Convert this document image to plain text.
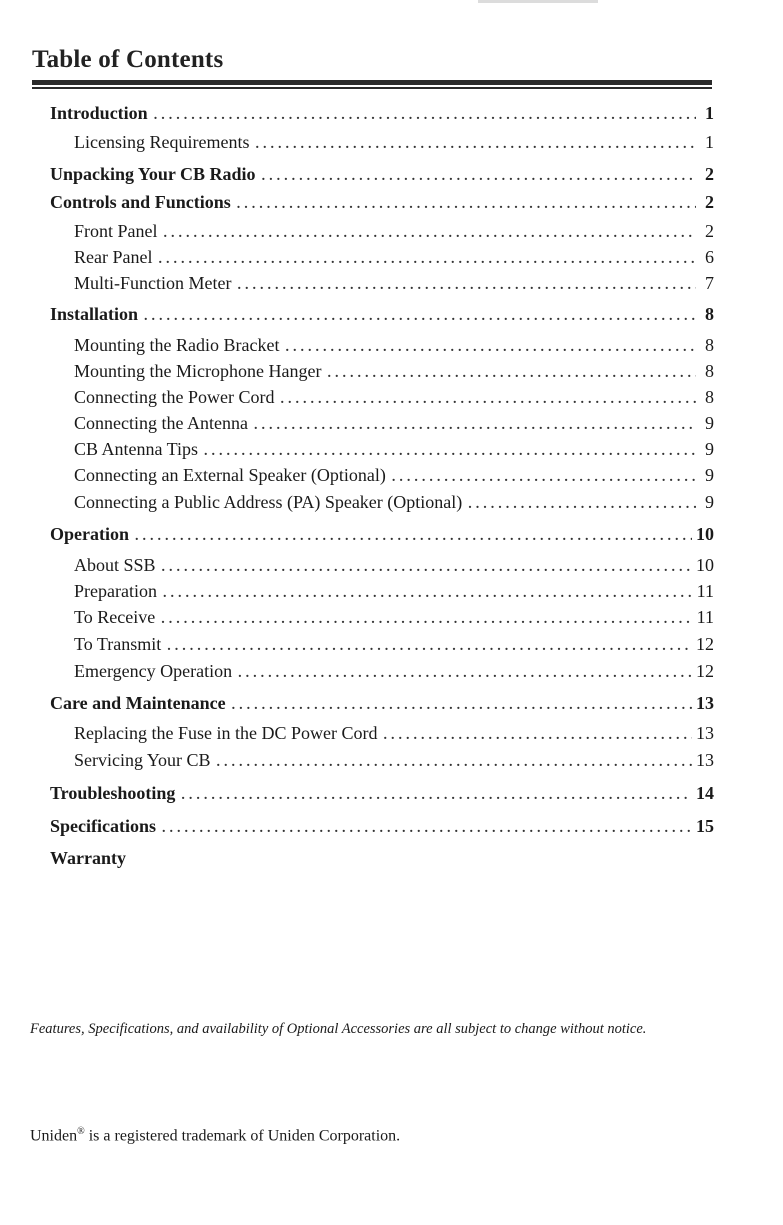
Table of Contents
Introduction .....	1
Licensing Requirements .....	1
Unpacking Your CB Radio .....	2
Controls and Functions .....	2
Front Panel .....	2
Rear Panel .....	6
Multi-Function Meter .....	7
Installation .....	8
Mounting the Radio Bracket .....	8
Mounting the Microphone Hanger .....	8
Connecting the Power Cord .....	8
Connecting the Antenna .....	9
CB Antenna Tips .....	9
Connecting an External Speaker (Optional) .....	9
Connecting a Public Address (PA) Speaker (Optional) .....	9
Operation .....	10
About SSB .....	10
Preparation .....	11
To Receive .....	11
To Transmit .....	12
Emergency Operation .....	12
Care and Maintenance .....	13
Replacing the Fuse in the DC Power Cord .....	13
Servicing Your CB .....	13
Troubleshooting .....	14
Specifications .....	15
Warranty

Features, Specifications, and availability of Optional Accessories are all subject to change without notice.

Uniden® is a registered trademark of Uniden Corporation.
